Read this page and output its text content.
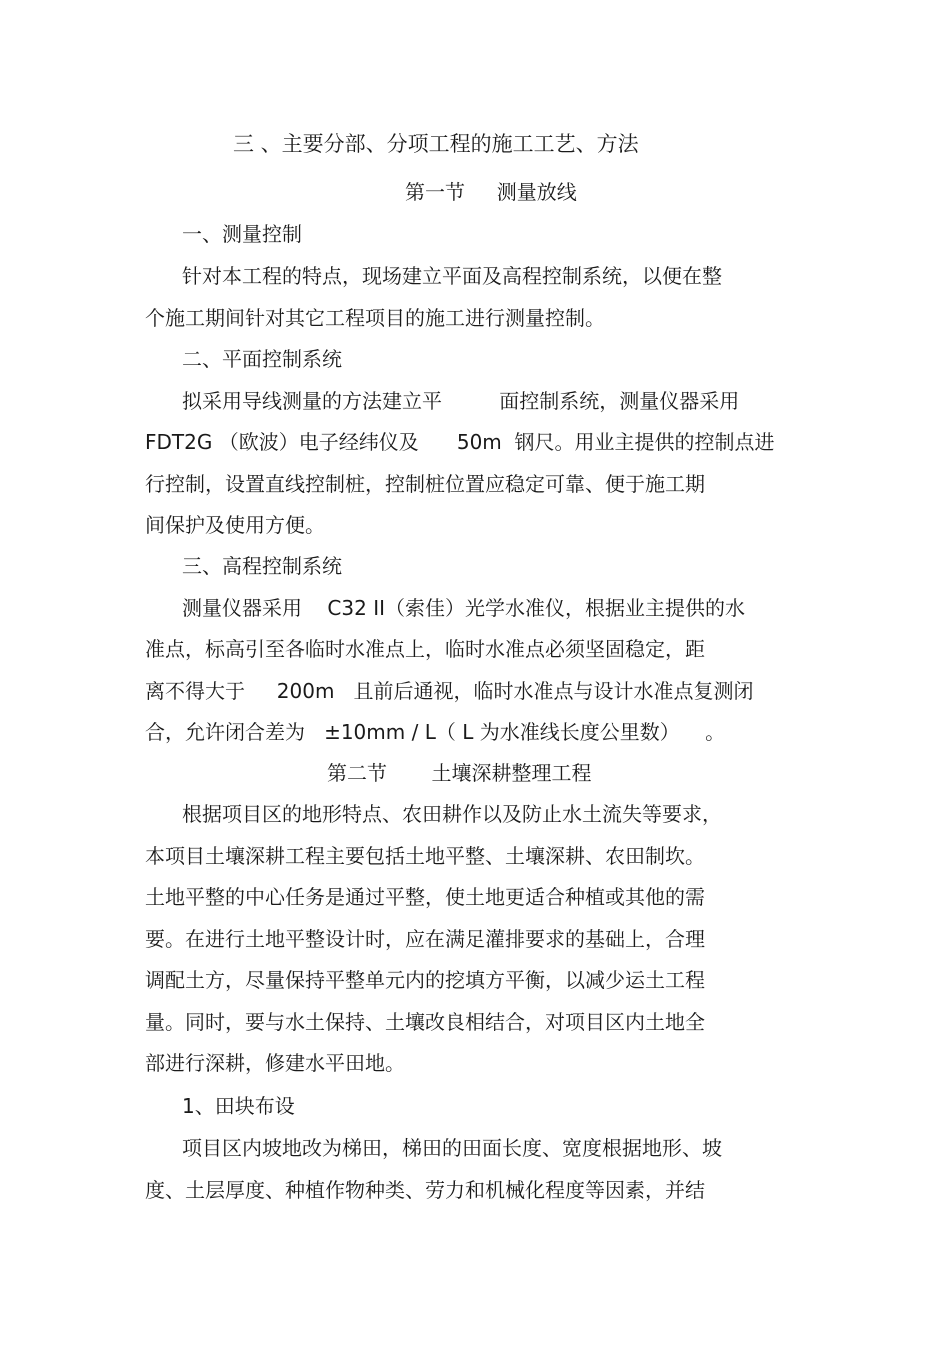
三 、主要分部、分项工程的施工工艺、方法
第一节     测量放线
一、测量控制
针对本工程的特点，现场建立平面及高程控制系统，以便在整
个施工期间针对其它工程项目的施工进行测量控制。
二、平面控制系统
拟采用导线测量的方法建立平         面控制系统，测量仪器采用
FDT2G （欧波）电子经纬仪及      50m  钢尺。用业主提供的控制点进
行控制，设置直线控制桩，控制桩位置应稳定可靠、便于施工期
间保护及使用方便。
三、高程控制系统
测量仪器采用    C32 II（索佳）光学水准仪，根据业主提供的水
准点，标高引至各临时水准点上，临时水准点必须坚固稳定，距
离不得大于     200m   且前后通视，临时水准点与设计水准点复测闭
合，允许闭合差为   ±10mm / L（ L 为水准线长度公里数）    。
第二节       土壤深耕整理工程
根据项目区的地形特点、农田耕作以及防止水土流失等要求，
本项目土壤深耕工程主要包括土地平整、土壤深耕、农田制坎。
土地平整的中心任务是通过平整，使土地更适合种植或其他的需
要。在进行土地平整设计时，应在满足灌排要求的基础上，合理
调配土方，尽量保持平整单元内的挖填方平衡，以减少运土工程
量。同时，要与水土保持、土壤改良相结合，对项目区内土地全
部进行深耕，修建水平田地。
1、田块布设
项目区内坡地改为梯田，梯田的田面长度、宽度根据地形、坡
度、土层厚度、种植作物种类、劳力和机械化程度等因素，并结
